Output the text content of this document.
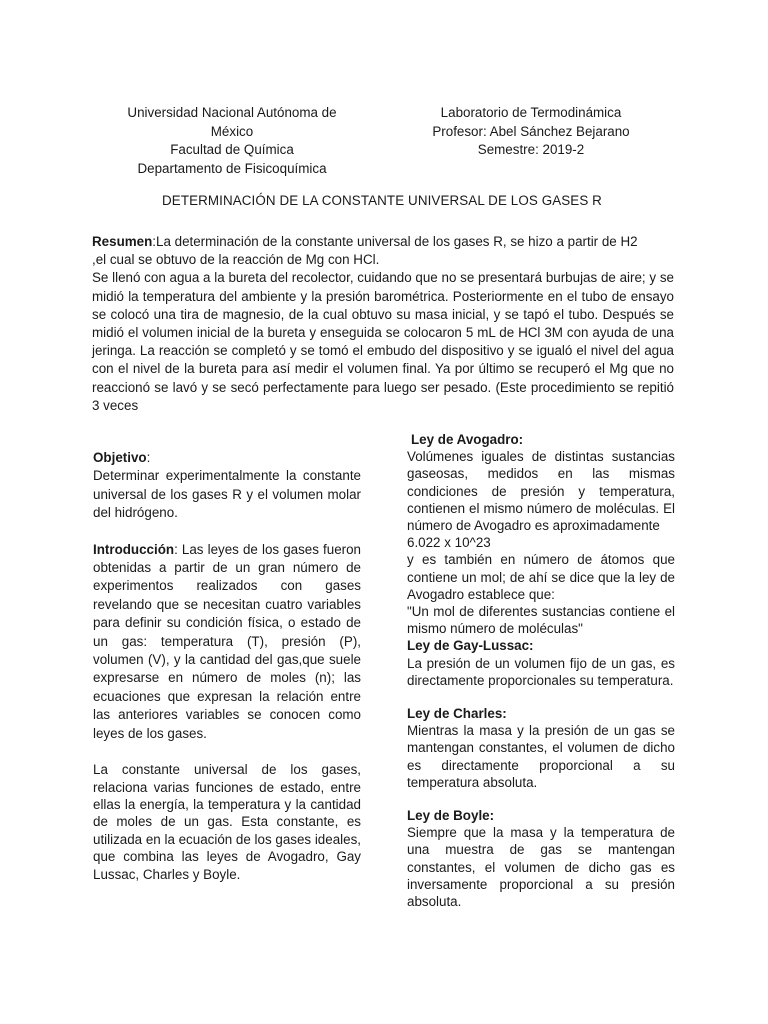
Universidad Nacional Autónoma de
México
Facultad de Química
Departamento de Fisicoquímica
Laboratorio de Termodinámica
Profesor: Abel Sánchez Bejarano
Semestre: 2019-2
DETERMINACIÓN DE LA CONSTANTE UNIVERSAL DE LOS GASES R

Resumen:La determinación de la constante universal de los gases R, se hizo a partir de H2

,el cual se obtuvo de la reacción de Mg con HCl.

Se llenó con agua a la bureta del recolector, cuidando que no se presentará burbujas de aire; y se midió la temperatura del ambiente y la presión barométrica. Posteriormente en el tubo de ensayo se colocó una tira de magnesio, de la cual obtuvo su masa inicial, y se tapó el tubo. Después se midió el volumen inicial de la bureta y enseguida se colocaron 5 mL de HCl 3M con ayuda de una jeringa. La reacción se completó y se tomó el embudo del dispositivo y se igualó el nivel del agua con el nivel de la bureta para así medir el volumen final. Ya por último se recuperó el Mg que no reaccionó se lavó y se secó perfectamente para luego ser pesado. (Este procedimiento se repitió 3 veces

Objetivo:

Determinar experimentalmente la constante universal de los gases R y el volumen molar del hidrógeno.

Introducción: Las leyes de los gases fueron obtenidas a partir de un gran número de experimentos realizados con gases revelando que se necesitan cuatro variables para definir su condición física, o estado de un gas: temperatura (T), presión (P), volumen (V), y la cantidad del gas,que suele expresarse en número de moles (n); las ecuaciones que expresan la relación entre las anteriores variables se conocen como leyes de los gases.

La constante universal de los gases, relaciona varias funciones de estado, entre ellas la energía, la temperatura y la cantidad de moles de un gas. Esta constante, es utilizada en la ecuación de los gases ideales, que combina las leyes de Avogadro, Gay Lussac, Charles y Boyle.

Ley de Avogadro:

Volúmenes iguales de distintas sustancias gaseosas, medidos en las mismas condiciones de presión y temperatura, contienen el mismo número de moléculas. El número de Avogadro es aproximadamente

6.022 x 10^23

y es también en número de átomos que contiene un mol; de ahí se dice que la ley de Avogadro establece que:

"Un mol de diferentes sustancias contiene el mismo número de moléculas"

Ley de Gay-Lussac:

La presión de un volumen fijo de un gas, es directamente proporcionales su temperatura.

Ley de Charles:

Mientras la masa y la presión de un gas se mantengan constantes, el volumen de dicho es directamente proporcional a su temperatura absoluta.

Ley de Boyle:

Siempre que la masa y la temperatura de una muestra de gas se mantengan constantes, el volumen de dicho gas es inversamente proporcional a su presión absoluta.
